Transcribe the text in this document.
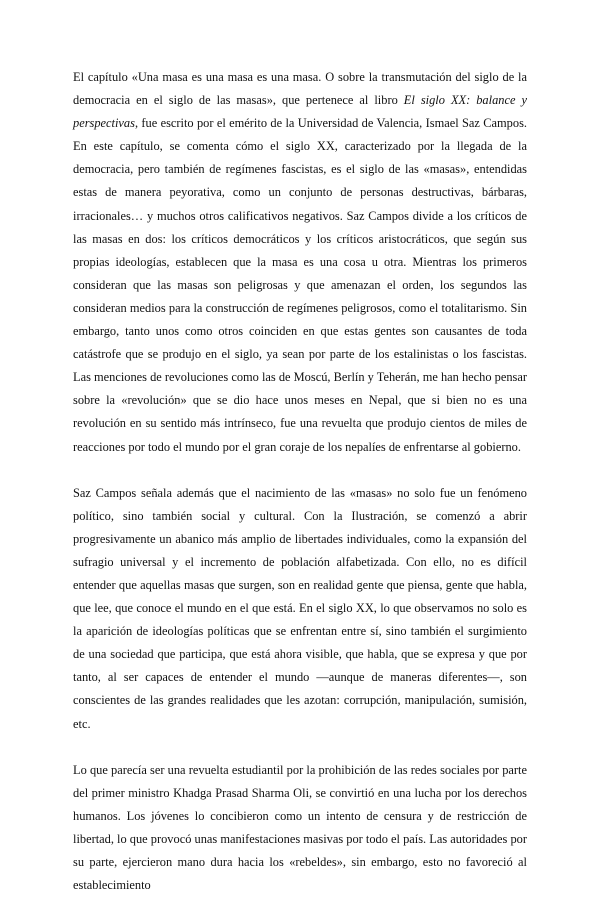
El capítulo «Una masa es una masa es una masa. O sobre la transmutación del siglo de la democracia en el siglo de las masas», que pertenece al libro El siglo XX: balance y perspectivas, fue escrito por el emérito de la Universidad de Valencia, Ismael Saz Campos. En este capítulo, se comenta cómo el siglo XX, caracterizado por la llegada de la democracia, pero también de regímenes fascistas, es el siglo de las «masas», entendidas estas de manera peyorativa, como un conjunto de personas destructivas, bárbaras, irracionales… y muchos otros calificativos negativos. Saz Campos divide a los críticos de las masas en dos: los críticos democráticos y los críticos aristocráticos, que según sus propias ideologías, establecen que la masa es una cosa u otra. Mientras los primeros consideran que las masas son peligrosas y que amenazan el orden, los segundos las consideran medios para la construcción de regímenes peligrosos, como el totalitarismo. Sin embargo, tanto unos como otros coinciden en que estas gentes son causantes de toda catástrofe que se produjo en el siglo, ya sean por parte de los estalinistas o los fascistas. Las menciones de revoluciones como las de Moscú, Berlín y Teherán, me han hecho pensar sobre la «revolución» que se dio hace unos meses en Nepal, que si bien no es una revolución en su sentido más intrínseco, fue una revuelta que produjo cientos de miles de reacciones por todo el mundo por el gran coraje de los nepalíes de enfrentarse al gobierno.

Saz Campos señala además que el nacimiento de las «masas» no solo fue un fenómeno político, sino también social y cultural. Con la Ilustración, se comenzó a abrir progresivamente un abanico más amplio de libertades individuales, como la expansión del sufragio universal y el incremento de población alfabetizada. Con ello, no es difícil entender que aquellas masas que surgen, son en realidad gente que piensa, gente que habla, que lee, que conoce el mundo en el que está. En el siglo XX, lo que observamos no solo es la aparición de ideologías políticas que se enfrentan entre sí, sino también el surgimiento de una sociedad que participa, que está ahora visible, que habla, que se expresa y que por tanto, al ser capaces de entender el mundo —aunque de maneras diferentes—, son conscientes de las grandes realidades que les azotan: corrupción, manipulación, sumisión, etc.

Lo que parecía ser una revuelta estudiantil por la prohibición de las redes sociales por parte del primer ministro Khadga Prasad Sharma Oli, se convirtió en una lucha por los derechos humanos. Los jóvenes lo concibieron como un intento de censura y de restricción de libertad, lo que provocó unas manifestaciones masivas por todo el país. Las autoridades por su parte, ejercieron mano dura hacia los «rebeldes», sin embargo, esto no favoreció al establecimiento
